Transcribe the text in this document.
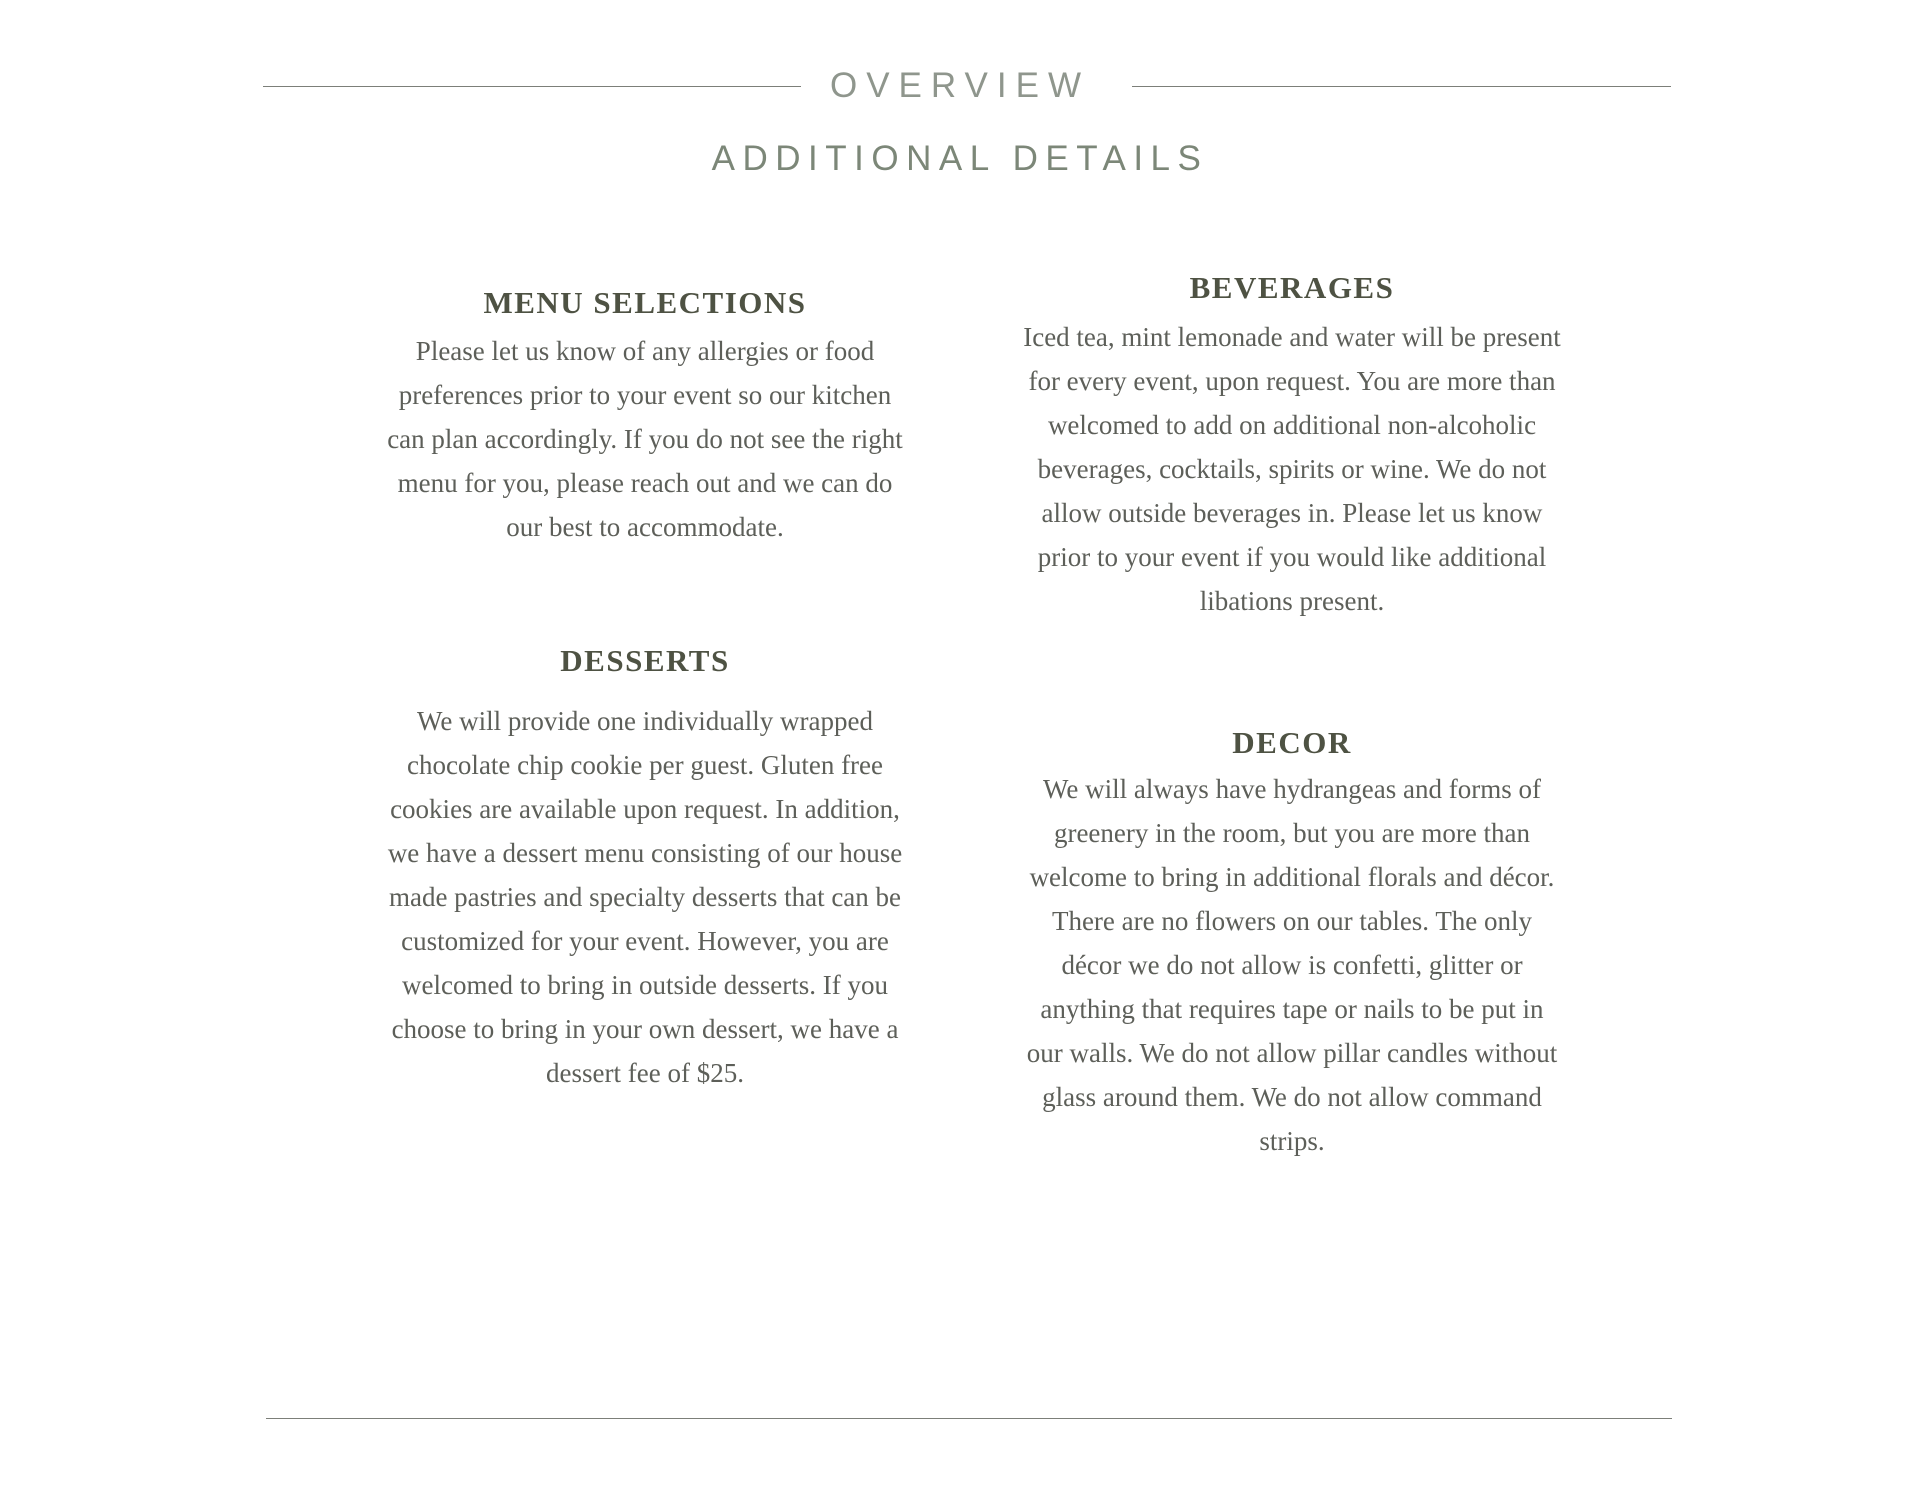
OVERVIEW
ADDITIONAL DETAILS
MENU SELECTIONS

Please let us know of any allergies or food preferences prior to your event so our kitchen can plan accordingly. If you do not see the right menu for you, please reach out and we can do our best to accommodate.

DESSERTS

We will provide one individually wrapped chocolate chip cookie per guest. Gluten free cookies are available upon request. In addition, we have a dessert menu consisting of our house made pastries and specialty desserts that can be customized for your event. However, you are welcomed to bring in outside desserts. If you choose to bring in your own dessert, we have a dessert fee of $25.

BEVERAGES

Iced tea, mint lemonade and water will be present for every event, upon request. You are more than welcomed to add on additional non-alcoholic beverages, cocktails, spirits or wine. We do not allow outside beverages in. Please let us know prior to your event if you would like additional libations present.

DECOR

We will always have hydrangeas and forms of greenery in the room, but you are more than welcome to bring in additional florals and décor. There are no flowers on our tables. The only décor we do not allow is confetti, glitter or anything that requires tape or nails to be put in our walls. We do not allow pillar candles without glass around them. We do not allow command strips.
